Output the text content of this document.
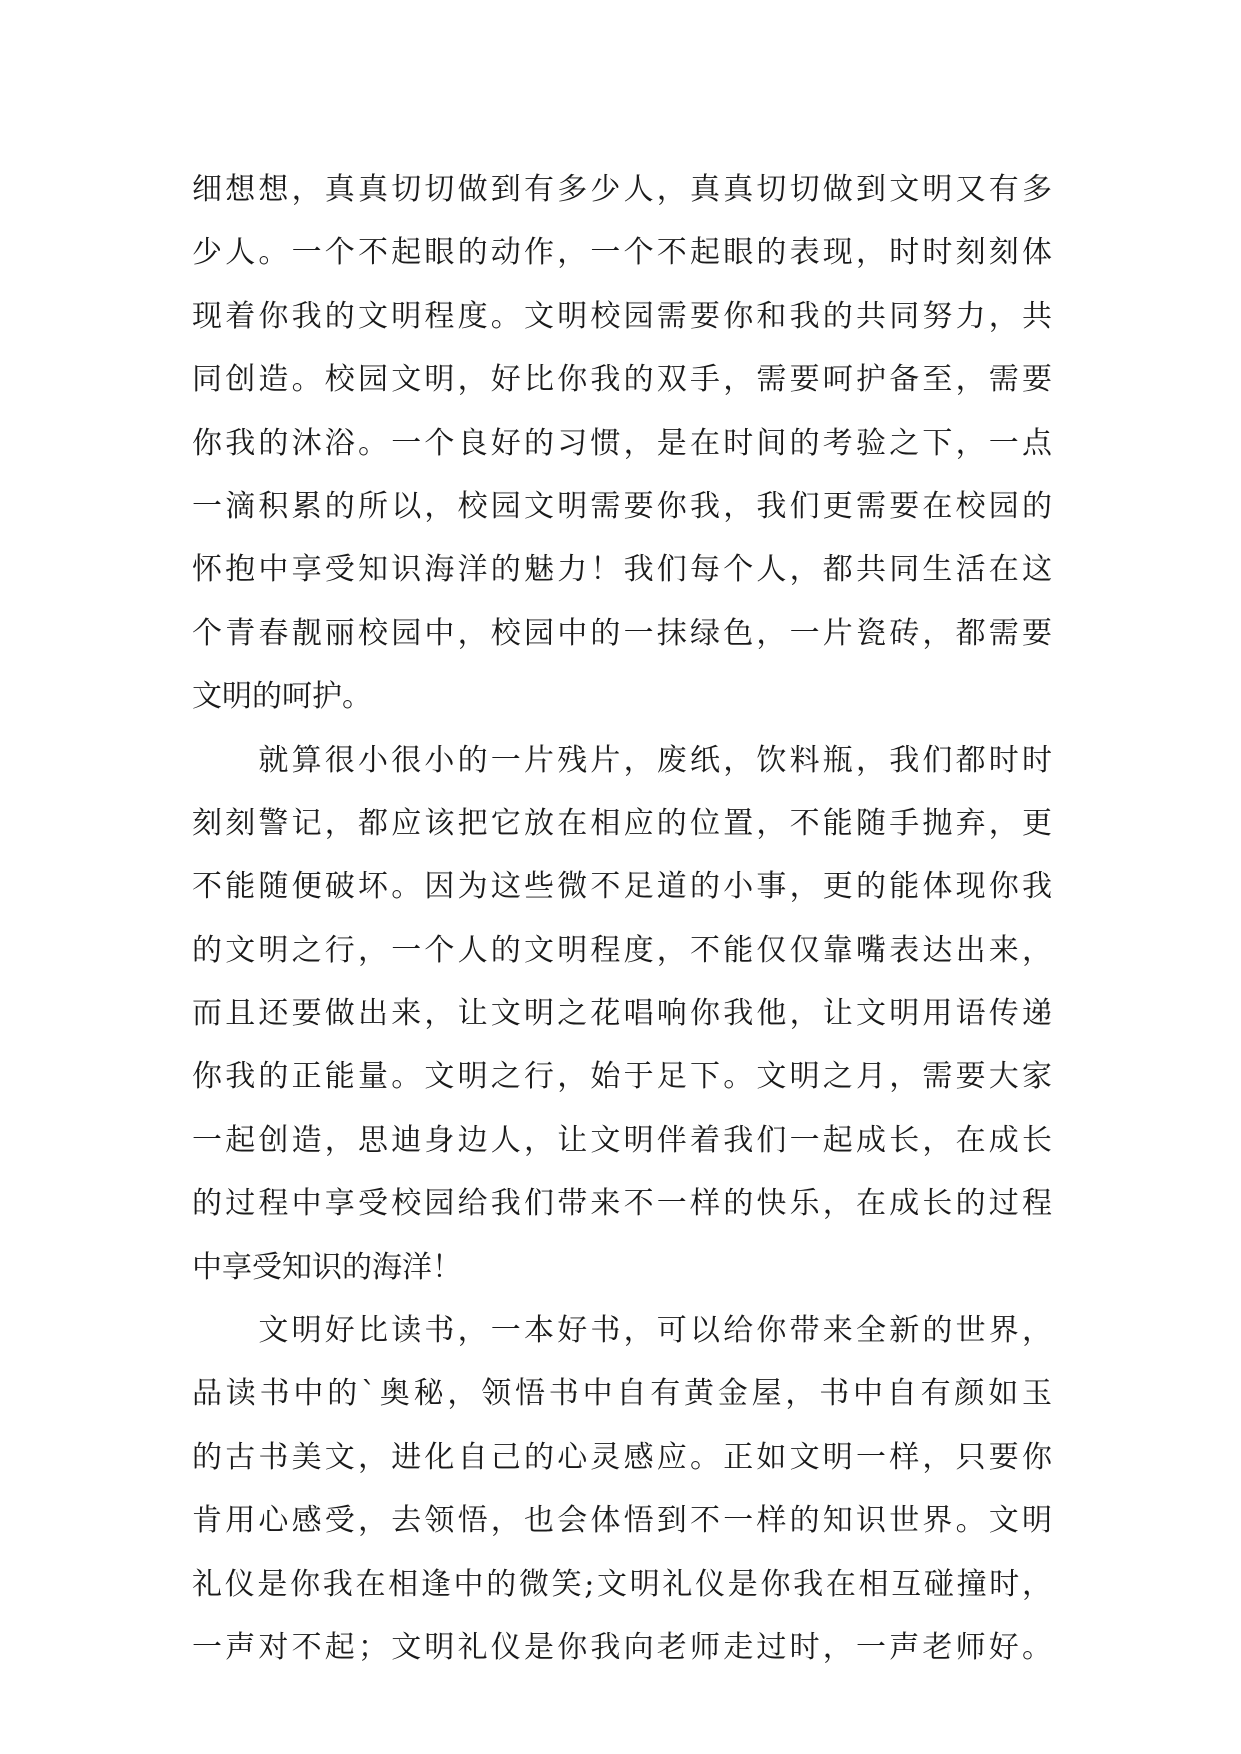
细想想，真真切切做到有多少人，真真切切做到文明又有多
少人。一个不起眼的动作，一个不起眼的表现，时时刻刻体
现着你我的文明程度。文明校园需要你和我的共同努力，共
同创造。校园文明，好比你我的双手，需要呵护备至，需要
你我的沐浴。一个良好的习惯，是在时间的考验之下，一点
一滴积累的所以，校园文明需要你我，我们更需要在校园的
怀抱中享受知识海洋的魅力！我们每个人，都共同生活在这
个青春靓丽校园中，校园中的一抹绿色，一片瓷砖，都需要
文明的呵护。
　　就算很小很小的一片残片，废纸，饮料瓶，我们都时时
刻刻警记，都应该把它放在相应的位置，不能随手抛弃，更
不能随便破坏。因为这些微不足道的小事，更的能体现你我
的文明之行，一个人的文明程度，不能仅仅靠嘴表达出来，
而且还要做出来，让文明之花唱响你我他，让文明用语传递
你我的正能量。文明之行，始于足下。文明之月，需要大家
一起创造，思迪身边人，让文明伴着我们一起成长，在成长
的过程中享受校园给我们带来不一样的快乐，在成长的过程
中享受知识的海洋！
　　文明好比读书，一本好书，可以给你带来全新的世界，
品读书中的`奥秘，领悟书中自有黄金屋，书中自有颜如玉
的古书美文，进化自己的心灵感应。正如文明一样，只要你
肯用心感受，去领悟，也会体悟到不一样的知识世界。文明
礼仪是你我在相逢中的微笑;文明礼仪是你我在相互碰撞时，
一声对不起；文明礼仪是你我向老师走过时，一声老师好。
